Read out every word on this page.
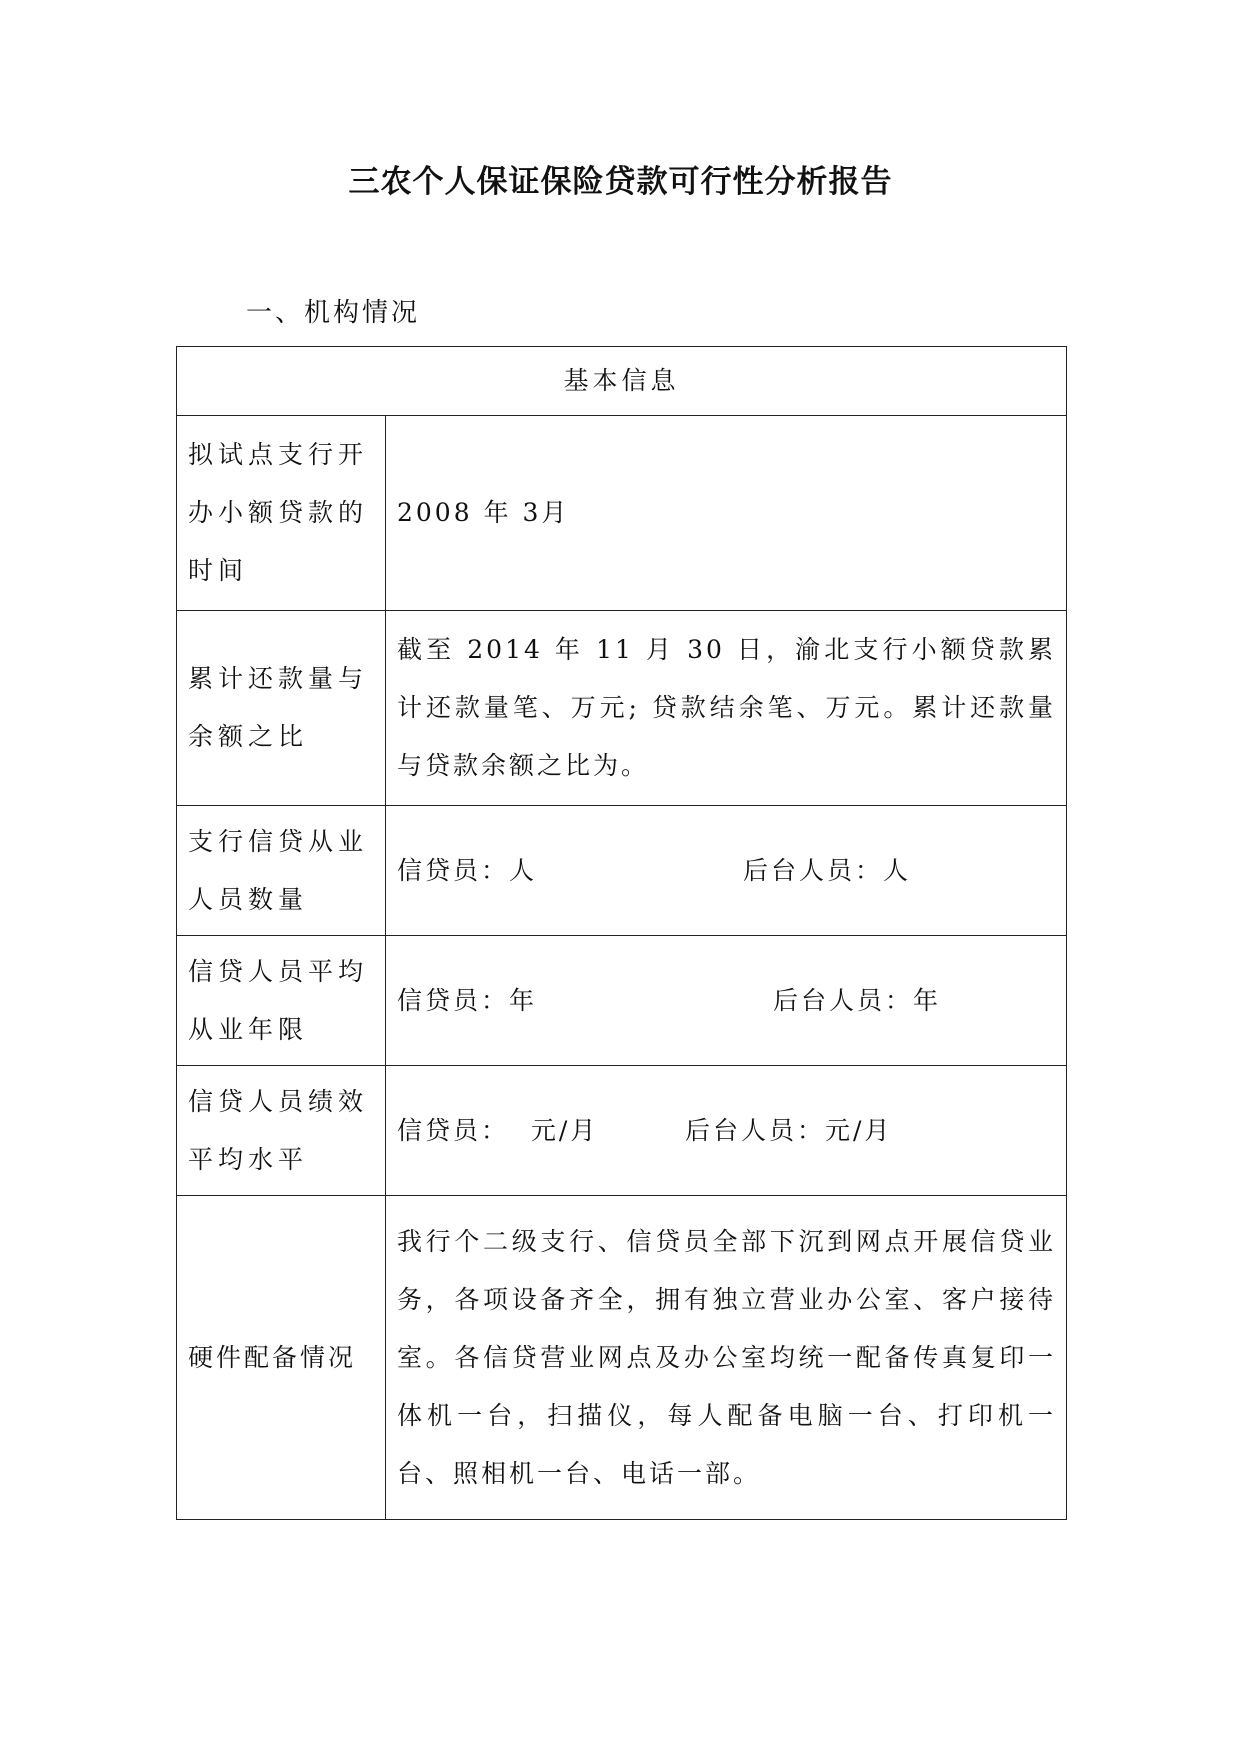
三农个人保证保险贷款可行性分析报告
一、机构情况
基本信息	
拟试点支行开办小额贷款的时间	2008 年 3月
累计还款量与余额之比	截至 2014 年 11 月 30 日，渝北支行小额贷款累计还款量笔、万元; 贷款结余笔、万元。累计还款量与贷款余额之比为。
支行信贷从业人员数量	信贷员：人 后台人员：人

信贷人员平均从业年限	信贷员：年 后台人员：年

信贷人员绩效平均水平	信贷员：  元/月 后台人员：元/月

硬件配备情况	我行个二级支行、信贷员全部下沉到网点开展信贷业务，各项设备齐全，拥有独立营业办公室、客户接待室。各信贷营业网点及办公室均统一配备传真复印一体机一台，扫描仪，每人配备电脑一台、打印机一台、照相机一台、电话一部。
